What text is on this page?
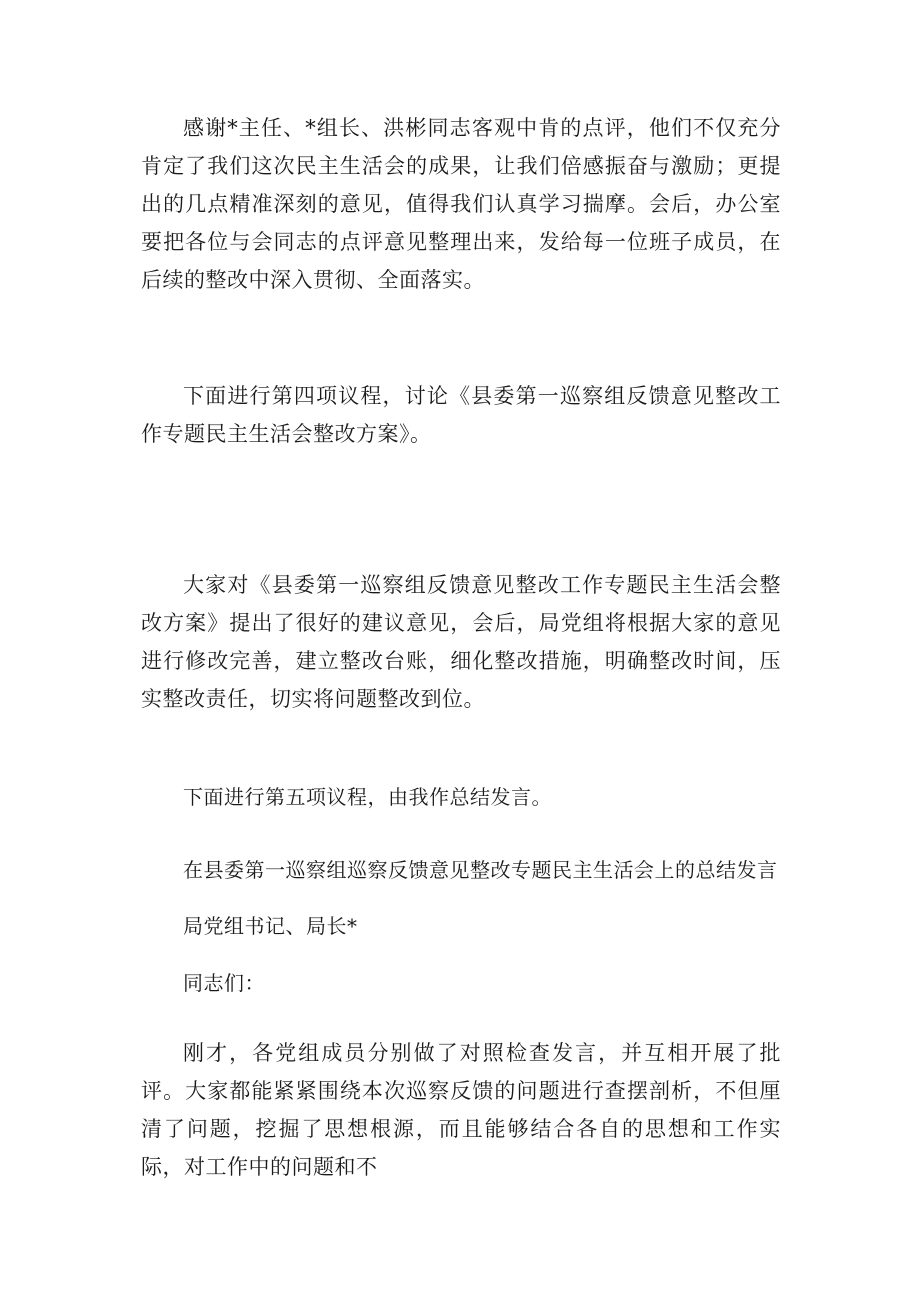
感谢*主任、*组长、洪彬同志客观中肯的点评，他们不仅充分肯定了我们这次民主生活会的成果，让我们倍感振奋与激励；更提出的几点精准深刻的意见，值得我们认真学习揣摩。会后，办公室要把各位与会同志的点评意见整理出来，发给每一位班子成员，在后续的整改中深入贯彻、全面落实。

下面进行第四项议程，讨论《县委第一巡察组反馈意见整改工作专题民主生活会整改方案》。

大家对《县委第一巡察组反馈意见整改工作专题民主生活会整改方案》提出了很好的建议意见，会后，局党组将根据大家的意见进行修改完善，建立整改台账，细化整改措施，明确整改时间，压实整改责任，切实将问题整改到位。

下面进行第五项议程，由我作总结发言。

在县委第一巡察组巡察反馈意见整改专题民主生活会上的总结发言

局党组书记、局长*

同志们：

刚才，各党组成员分别做了对照检查发言，并互相开展了批评。大家都能紧紧围绕本次巡察反馈的问题进行查摆剖析，不但厘清了问题，挖掘了思想根源，而且能够结合各自的思想和工作实际，对工作中的问题和不
